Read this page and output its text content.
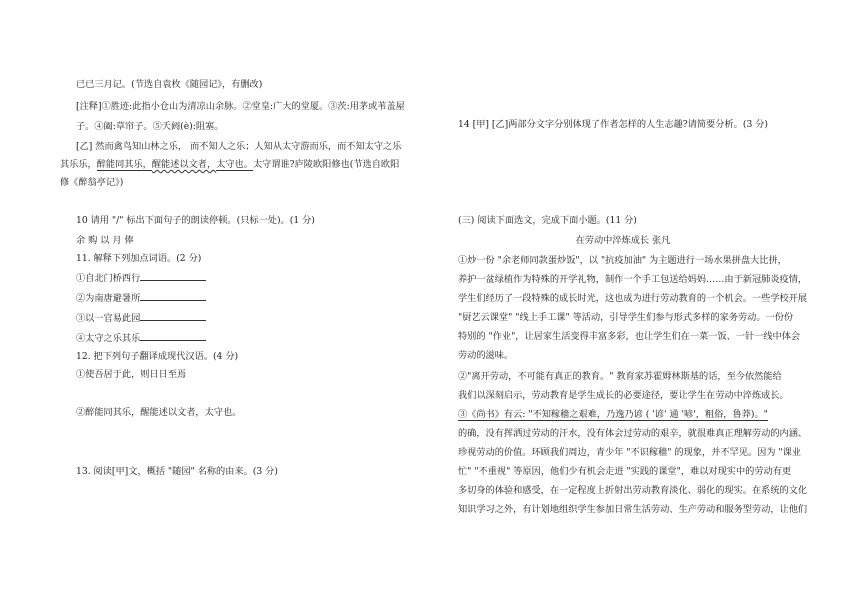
已已三月记。(节选自袁枚《随园记》，有删改)
[注释]①胜迹:此指小仓山为清凉山余脉。②堂皇:广大的堂厦。③茨:用茅或苇盖屋
子。④阖:草帘子。⑤夭阏(è):阻塞。
[乙] 然而禽鸟知山林之乐， 而不知人之乐；人知从太守游而乐，而不知太守之乐
其乐乐，醉能同其乐，醒能述以文者，太守也。太守谓谁?庐陵欧阳修也(节选自欧阳
修《醉翁亭记》)
10 请用 "/" 标出下面句子的朗读停顿。(只标一处)。(1 分)
余 购 以 月 俸
11. 解释下列加点词语。(2 分)
①自北门桥西行
②为南唐避暑所
③以一官易此园
④太守之乐其乐
12. 把下列句子翻译成现代汉语。(4 分)
①使吾居于此，则日日至焉
②醉能同其乐，醒能述以文者，太守也。
13. 阅读[甲]文，概括 "随园" 名称的由来。(3 分)
14 [甲] [乙]两部分文字分别体现了作者怎样的人生志趣?请简要分析。(3 分)
(三) 阅读下面选文，完成下面小题。(11 分)
在劳动中淬炼成长 张凡
①炒一份 "余老师同款蛋炒饭"，以 "抗疫加油" 为主题进行一场水果拼盘大比拼，
养护一盆绿植作为特殊的开学礼物，制作一个手工包送给妈妈……由于新冠肺炎疫情，
学生们经历了一段特殊的成长时光，这也成为进行劳动教育的一个机会。一些学校开展
"厨艺云课堂" "线上手工课" 等活动，引导学生们参与形式多样的家务劳动。一份份
特别的 "作业"，让居家生活变得丰富多彩，也让学生们在一菜一饭、一针一线中体会
劳动的滋味。
②"离开劳动，不可能有真正的教育。" 教育家苏霍姆林斯基的话，至今依然能给
我们以深刻启示，劳动教育是学生成长的必要途径，要让学生在劳动中淬炼成长。
③《尚书》有云: "不知稼穑之艰难，乃逸乃谚 ( '谚' 通 '喭'，粗俗，鲁莽)。"
的确，没有挥洒过劳动的汗水，没有体会过劳动的艰辛，就很难真正理解劳动的内涵、
珍视劳动的价值。环顾我们周边，青少年 "不识稼穑" 的现象，并不罕见。因为 "课业
忙" "不重视" 等原因，他们少有机会走进 "实践的课堂"，难以对现实中的劳动有更
多切身的体验和感受，在一定程度上折射出劳动教育淡化、弱化的现实。在系统的文化
知识学习之外，有计划地组织学生参加日常生活劳动、生产劳动和服务型劳动，让他们
